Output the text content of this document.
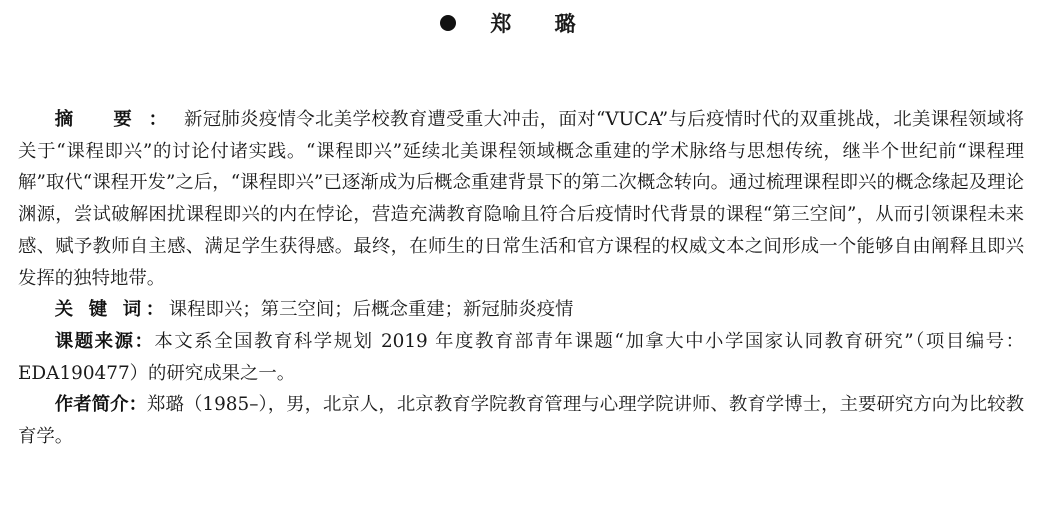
郑 璐

摘 要：新冠肺炎疫情令北美学校教育遭受重大冲击，面对“VUCA”与后疫情时代的双重挑战，北美课程领域将关于“课程即兴”的讨论付诸实践。“课程即兴”延续北美课程领域概念重建的学术脉络与思想传统，继半个世纪前“课程理解”取代“课程开发”之后，“课程即兴”已逐渐成为后概念重建背景下的第二次概念转向。通过梳理课程即兴的概念缘起及理论渊源，尝试破解困扰课程即兴的内在悖论，营造充满教育隐喻且符合后疫情时代背景的课程“第三空间”，从而引领课程未来感、赋予教师自主感、满足学生获得感。最终，在师生的日常生活和官方课程的权威文本之间形成一个能够自由阐释且即兴发挥的独特地带。

关 键 词：课程即兴；第三空间；后概念重建；新冠肺炎疫情

课题来源：本文系全国教育科学规划 2019 年度教育部青年课题“加拿大中小学国家认同教育研究”（项目编号：EDA190477）的研究成果之一。

作者简介：郑璐（1985–），男，北京人，北京教育学院教育管理与心理学院讲师、教育学博士，主要研究方向为比较教育学。
